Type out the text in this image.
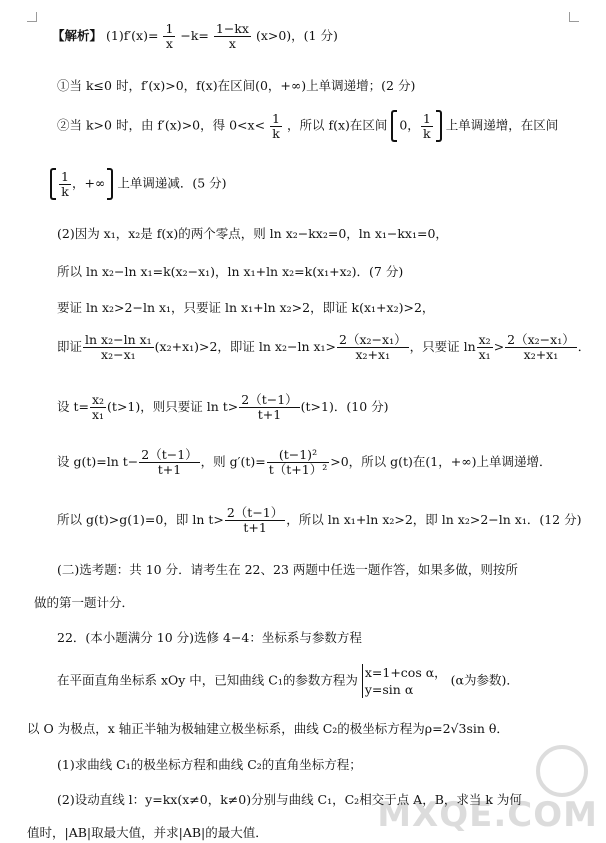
【解析】 $(1)f'(x)= \frac{1}{x} -k= \frac{1-kx}{x} (x>0)$，(1 分)
①当 k≤0 时，f′(x)>0，f(x)在区间(0，+∞)上单调递增；(2 分)
②当 k>0 时，由 f′(x)>0，得 $0<x< \frac{1}{k}$ ，所以 f(x)在区间 0， $\frac{1}{k}$ 上单调递增，在区间
$\frac{1}{k}$ ，+∞ 上单调递减．(5 分)
(2)因为 x₁，x₂是 f(x)的两个零点，则 ln x₂−kx₂=0，ln x₁−kx₁=0，
所以 ln x₂−ln x₁=k(x₂−x₁)，ln x₁+ln x₂=k(x₁+x₂)．(7 分)
要证 ln x₂>2−ln x₁，只要证 ln x₁+ln x₂>2，即证 k(x₁+x₂)>2，
即证 $\frac{\text{ln x₂−ln x₁}}{\text{x₂−x₁}} (x_2+x_1)>2$，即证 ln x₂−ln $x_1> \frac{\text{2（x₂−x₁）}}{\text{x₂+x₁}}$ ，只要证 $\ln \frac{\text{x₂}}{\text{x₁}} > \frac{\text{2（x₂−x₁）}}{\text{x₂+x₁}}$ ．
设 $t= \frac{\text{x₂}}{\text{x₁}} (t>1)$，则只要证 $\ln t> \frac{2(t-1)}{t+1} (t>1)$．(10 分)
设 g(t)=ln $t- \frac{2(t-1)}{t+1}$ ，则 $g'(t)= \frac{\text{(t−1)²}}{\text{t（t+1）²}} >0$，所以 g(t)在(1，+∞)上单调递增．
所以 g(t)>g(1)=0，即 $\ln t> \frac{2(t-1)}{t+1}$ ，所以 ln x₁+ln x₂>2，即 ln x₂>2−ln x₁．(12 分)
(二)选考题：共 10 分．请考生在 22、23 两题中任选一题作答，如果多做，则按所
做的第一题计分．
22．(本小题满分 10 分)选修 4−4：坐标系与参数方程
在平面直角坐标系 xOy 中，已知曲线 C₁的参数方程为 x=1+cos α，
y=sin α
(α为参数)．
以 O 为极点，x 轴正半轴为极轴建立极坐标系，曲线 C₂的极坐标方程为ρ=2√3sin θ．
(1)求曲线 C₁的极坐标方程和曲线 C₂的直角坐标方程；
(2)设动直线 l：y=kx(x≠0，k≠0)分别与曲线 C₁，C₂相交于点 A，B，求当 k 为何
值时，|AB|取最大值，并求|AB|的最大值．	MXQE.COM
